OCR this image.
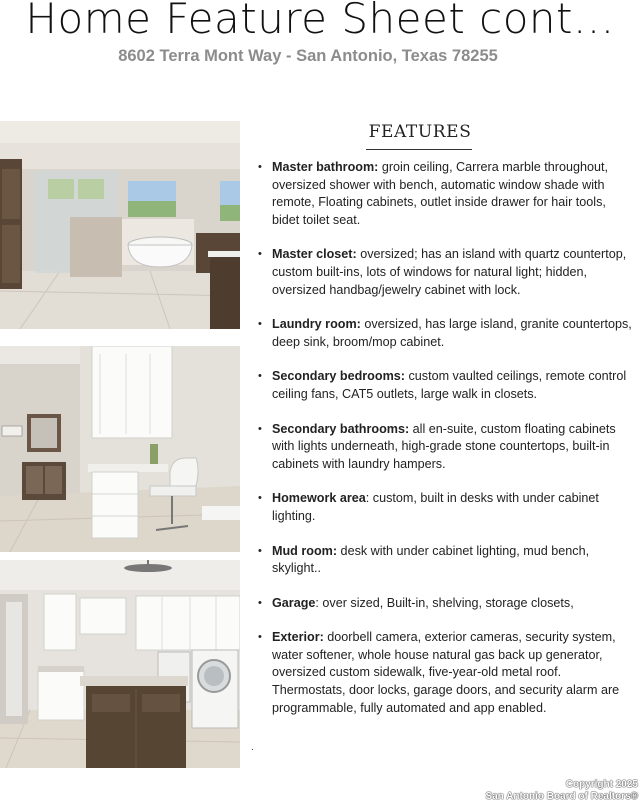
Home Feature Sheet cont...
8602 Terra Mont Way - San Antonio, Texas 78255
FEATURES
• Master bathroom: groin ceiling, Carrera marble throughout, oversized shower with bench, automatic window shade with remote, Floating cabinets, outlet inside drawer for hair tools, bidet toilet seat.
• Master closet: oversized; has an island with quartz countertop, custom built-ins, lots of windows for natural light; hidden, oversized handbag/jewelry cabinet with lock.
• Laundry room: oversized, has large island, granite countertops, deep sink, broom/mop cabinet.
• Secondary bedrooms: custom vaulted ceilings, remote control ceiling fans, CAT5 outlets, large walk in closets.
• Secondary bathrooms: all en-suite, custom floating cabinets with lights underneath, high-grade stone countertops, built-in cabinets with laundry hampers.
• Homework area: custom, built in desks with under cabinet lighting.
• Mud room: desk with under cabinet lighting, mud bench, skylight..
• Garage: over sized, Built-in, shelving, storage closets,
• Exterior: doorbell camera, exterior cameras, security system, water softener, whole house natural gas back up generator, oversized custom sidewalk, five-year-old metal roof. Thermostats, door locks, garage doors, and security alarm are programmable, fully automated and app enabled.
.
Copyright 2025
San Antonio Board of Realtors®
